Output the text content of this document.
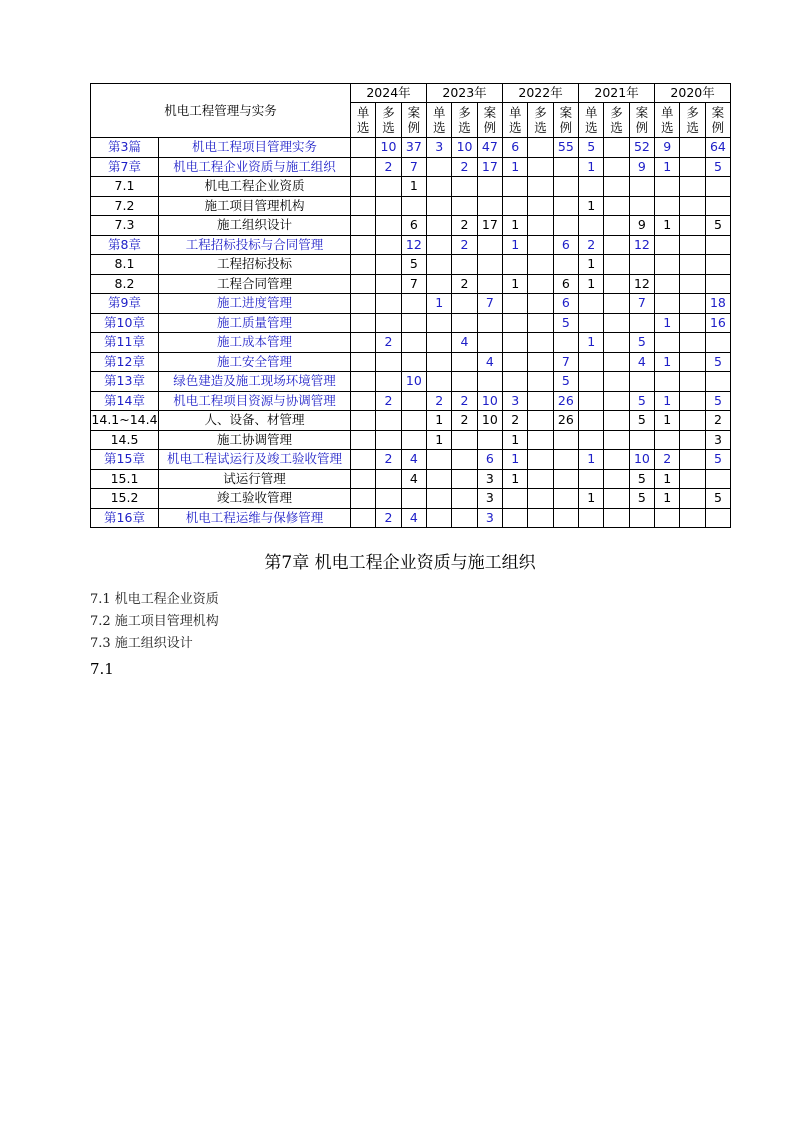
机电工程管理与实务		2024年			2023年			2022年			2021年			2020年		
		单选	多选	案例	单选	多选	案例	单选	多选	案例	单选	多选	案例	单选	多选	案例
第3篇	机电工程项目管理实务		10	37	3	10	47	6		55	5		52	9		64
第7章	机电工程企业资质与施工组织		2	7		2	17	1			1		9	1		5
7.1	机电工程企业资质			1												
7.2	施工项目管理机构										1					
7.3	施工组织设计			6		2	17	1					9	1		5
第8章	工程招标投标与合同管理			12		2		1		6	2		12			
8.1	工程招标投标			5							1					
8.2	工程合同管理			7		2		1		6	1		12			
第9章	施工进度管理				1		7			6			7			18
第10章	施工质量管理									5				1		16
第11章	施工成本管理		2			4					1		5			
第12章	施工安全管理						4			7			4	1		5
第13章	绿色建造及施工现场环境管理			10						5						
第14章	机电工程项目资源与协调管理		2		2	2	10	3		26			5	1		5
14.1~14.4	人、设备、材管理				1	2	10	2		26			5	1		2
14.5	施工协调管理				1			1								3
第15章	机电工程试运行及竣工验收管理		2	4			6	1			1		10	2		5
15.1	试运行管理			4			3	1					5	1		
15.2	竣工验收管理						3				1		5	1		5
第16章	机电工程运维与保修管理		2	4			3									
第7章 机电工程企业资质与施工组织
7.1 机电工程企业资质
7.2 施工项目管理机构
7.3 施工组织设计
7.1
